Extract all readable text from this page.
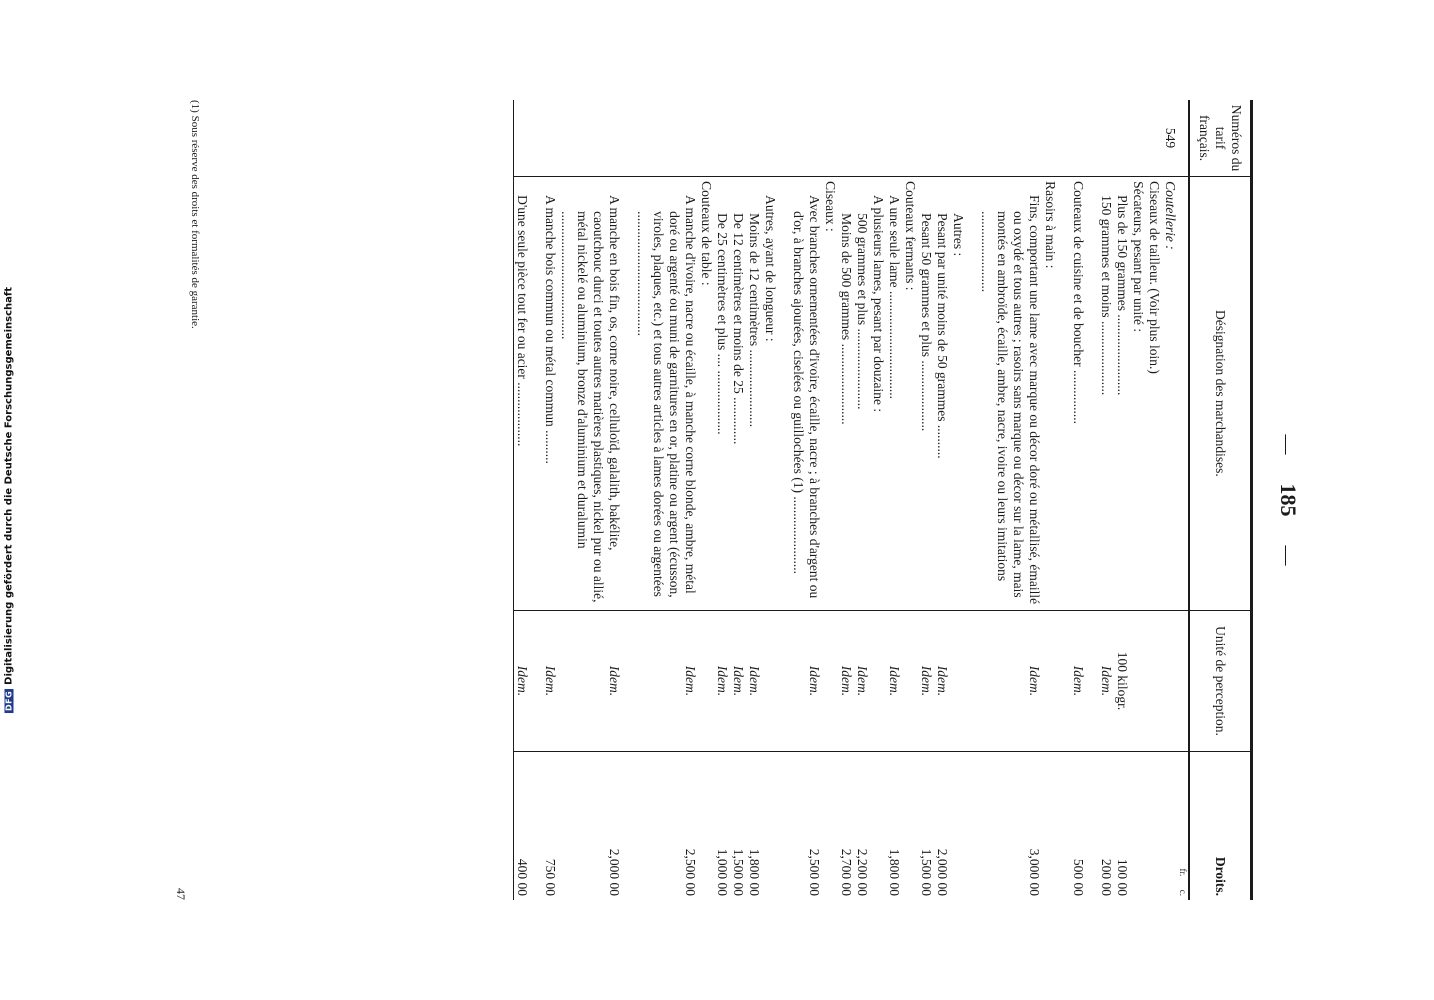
DFG
Digitalisierung gefördert durch die Deutsche Forschungsgemeinschaft	— 185 —
Numéros du tarif français.	Désignation des marchandises.	Unité de perception.	Droits.
			fr.      c.
549	Coutellerie :		
	Ciseaux de tailleur. (Voir plus loin.)		
	Sécateurs, pesant par unité :		
	Plus de 150 grammes ........................	100 kilogr.	100 00
	150 grammes et moins ......................	Idem.	200 00

	Couteaux de cuisine et de boucher ................	Idem.	500 00

	Rasoirs à main :		
	Fins, comportant une lame avec marque ou décor doré ou métallisé, émaillé ou oxydé et tous autres ; rasoirs sans marque ou décor sur la lame, mais montés en ambroïde, écaille, ambre, nacre, ivoire ou leurs imitations ........................	Idem.	3,000 00

	Autres :		
	Pesant par unité moins de 50 grammes ..........	Idem.	2,000 00
	Pesant 50 grammes et plus .....................	Idem.	1,500 00
	Couteaux fermants :		
	A une seule lame ................................	Idem.	1,800 00
	A plusieurs lames, pesant par douzaine :		
	500 grammes et plus ........................	Idem.	2,200 00
	Moins de 500 grammes ........................	Idem.	2,700 00
	Ciseaux :		
	Avec branches ornementées d'ivoire, écaille, nacre ; à branches d'argent ou d'or, à branches ajourées, ciselées ou guillochées (1) .......................	Idem.	2,500 00

	Autres, ayant de longueur :		
	Moins de 12 centimètres .......................	Idem.	1,800 00
	De 12 centimètres et moins de 25 ..............	Idem.	1,500 00
	De 25 centimètres et plus .... ...................	Idem.	1,000 00
	Couteaux de table :		
	A manche d'ivoire, nacre ou écaille, à manche corne blonde, ambre, métal doré ou argenté ou muni de garnitures en or, platine ou argent (écusson, viroles, plaques, etc.) et tous autres articles à lames dorées ou argentées .....................................	Idem.	2,500 00

	A manche en bois fin, os, corne noire, celluloïd, galalith, bakélite, caoutchouc durci et toutes autres matières plastiques, nickel pur ou allié, métal nickelé ou aluminium, bronze d'aluminium et duralumin ......................................	Idem.	2,000 00
	A manche bois commun ou métal commun ..........	Idem.	750 00

	D'une seule pièce tout fer ou acier ...................	Idem.	400 00
(1) Sous réserve des droits et formalités de garantie.
47
